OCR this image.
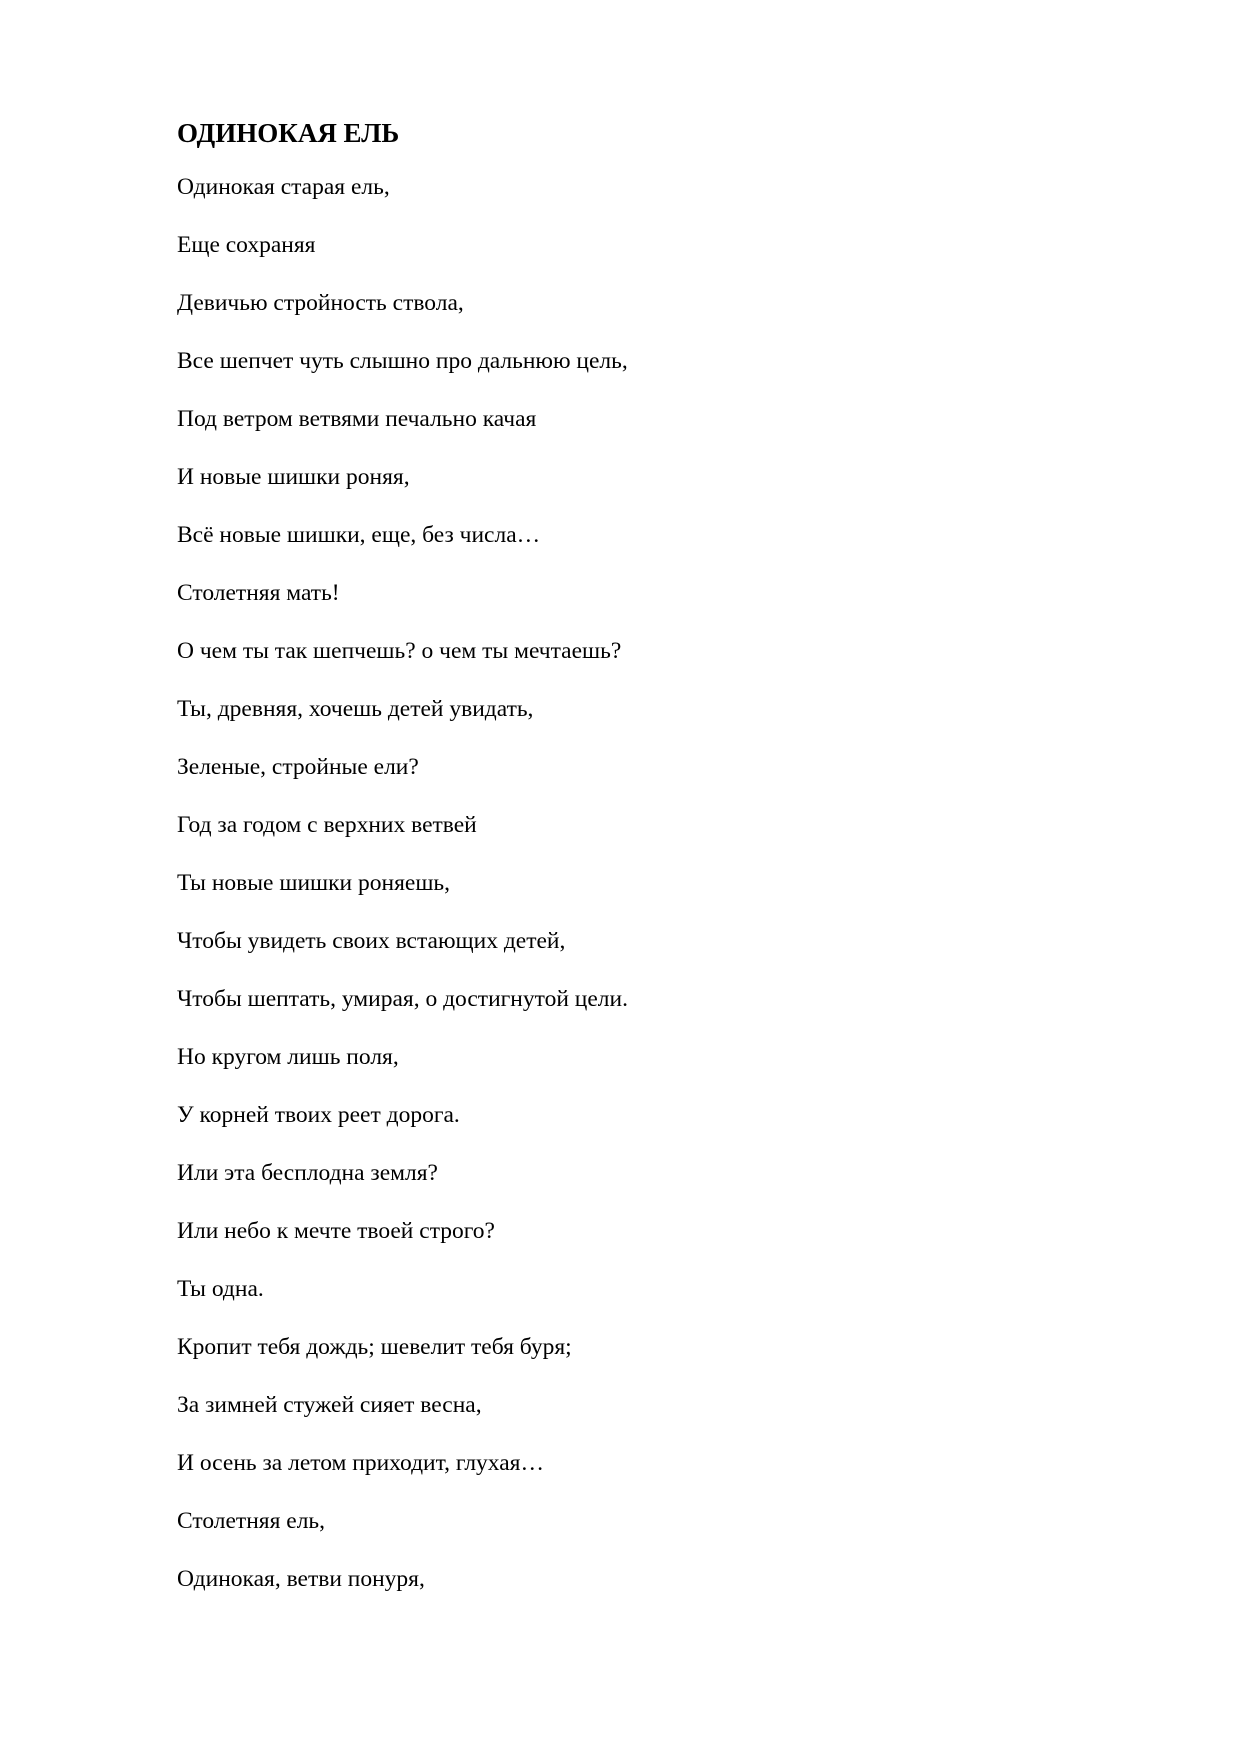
ОДИНОКАЯ ЕЛЬ
Одинокая старая ель,
Еще сохраняя
Девичью стройность ствола,
Все шепчет чуть слышно про дальнюю цель,
Под ветром ветвями печально качая
И новые шишки роняя,
Всё новые шишки, еще, без числа…
Столетняя мать!
О чем ты так шепчешь? о чем ты мечтаешь?
Ты, древняя, хочешь детей увидать,
Зеленые, стройные ели?
Год за годом с верхних ветвей
Ты новые шишки роняешь,
Чтобы увидеть своих встающих детей,
Чтобы шептать, умирая, о достигнутой цели.
Но кругом лишь поля,
У корней твоих реет дорога.
Или эта бесплодна земля?
Или небо к мечте твоей строго?
Ты одна.
Кропит тебя дождь; шевелит тебя буря;
За зимней стужей сияет весна,
И осень за летом приходит, глухая…
Столетняя ель,
Одинокая, ветви понуря,
